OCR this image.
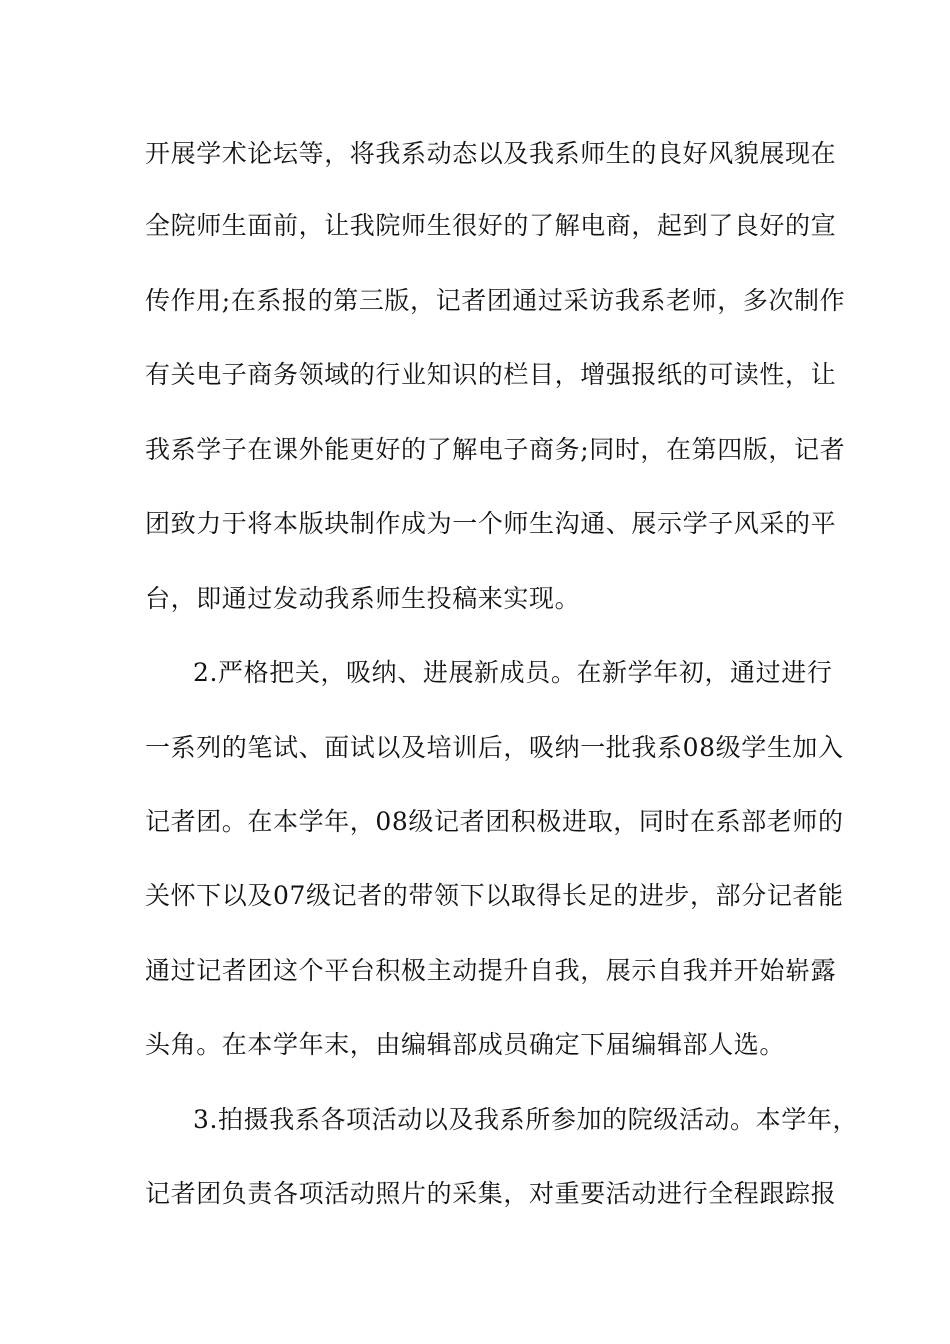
开展学术论坛等，将我系动态以及我系师生的良好风貌展现在
全院师生面前，让我院师生很好的了解电商，起到了良好的宣
传作用;在系报的第三版，记者团通过采访我系老师，多次制作
有关电子商务领域的行业知识的栏目，增强报纸的可读性，让
我系学子在课外能更好的了解电子商务;同时，在第四版，记者
团致力于将本版块制作成为一个师生沟通、展示学子风采的平
台，即通过发动我系师生投稿来实现。
2.严格把关，吸纳、进展新成员。在新学年初，通过进行
一系列的笔试、面试以及培训后，吸纳一批我系08级学生加入
记者团。在本学年，08级记者团积极进取，同时在系部老师的
关怀下以及07级记者的带领下以取得长足的进步，部分记者能
通过记者团这个平台积极主动提升自我，展示自我并开始崭露
头角。在本学年末，由编辑部成员确定下届编辑部人选。
3.拍摄我系各项活动以及我系所参加的院级活动。本学年，
记者团负责各项活动照片的采集，对重要活动进行全程跟踪报
